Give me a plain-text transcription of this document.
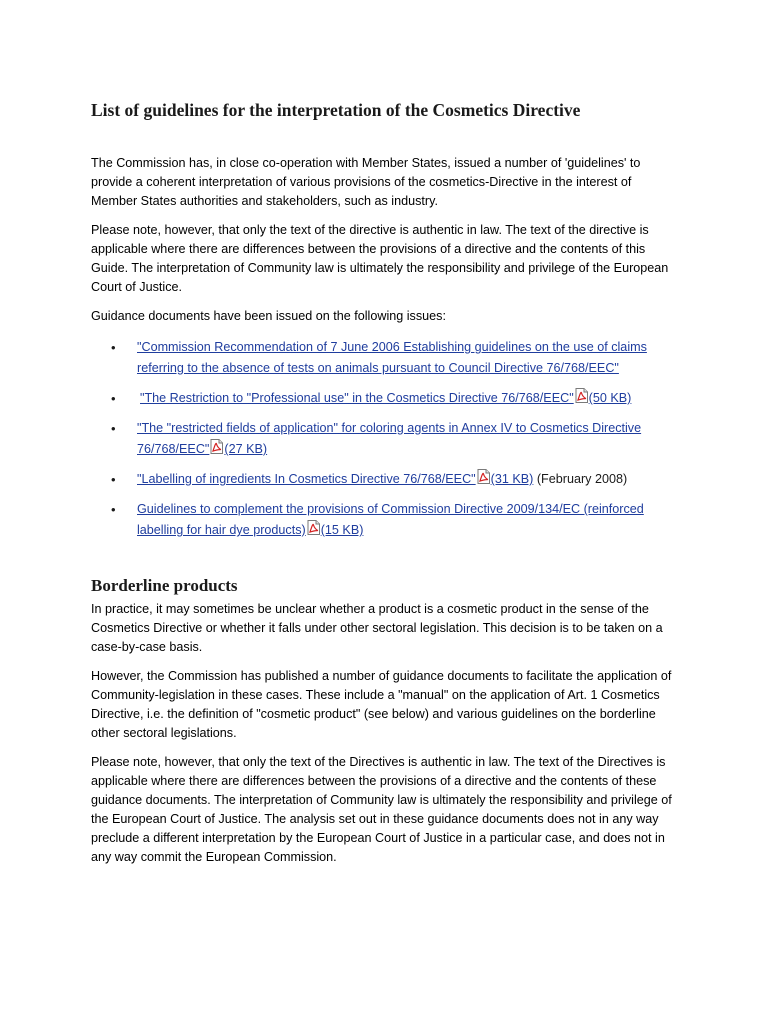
List of guidelines for the interpretation of the Cosmetics Directive

The Commission has, in close co-operation with Member States, issued a number of 'guidelines' to provide a coherent interpretation of various provisions of the cosmetics-Directive in the interest of Member States authorities and stakeholders, such as industry.

Please note, however, that only the text of the directive is authentic in law. The text of the directive is applicable where there are differences between the provisions of a directive and the contents of this Guide. The interpretation of Community law is ultimately the responsibility and privilege of the European Court of Justice.

Guidance documents have been issued on the following issues:

• "Commission Recommendation of 7 June 2006 Establishing guidelines on the use of claims referring to the absence of tests on animals pursuant to Council Directive 76/768/EEC"
• "The Restriction to "Professional use" in the Cosmetics Directive 76/768/EEC" (50 KB)
• "The "restricted fields of application" for coloring agents in Annex IV to Cosmetics Directive 76/768/EEC" (27 KB)
• "Labelling of ingredients In Cosmetics Directive 76/768/EEC" (31 KB) (February 2008)
• Guidelines to complement the provisions of Commission Directive 2009/134/EC (reinforced labelling for hair dye products) (15 KB)
Borderline products

In practice, it may sometimes be unclear whether a product is a cosmetic product in the sense of the Cosmetics Directive or whether it falls under other sectoral legislation. This decision is to be taken on a case-by-case basis.

However, the Commission has published a number of guidance documents to facilitate the application of Community-legislation in these cases. These include a "manual" on the application of Art. 1 Cosmetics Directive, i.e. the definition of "cosmetic product" (see below) and various guidelines on the borderline other sectoral legislations.

Please note, however, that only the text of the Directives is authentic in law. The text of the Directives is applicable where there are differences between the provisions of a directive and the contents of these guidance documents. The interpretation of Community law is ultimately the responsibility and privilege of the European Court of Justice. The analysis set out in these guidance documents does not in any way preclude a different interpretation by the European Court of Justice in a particular case, and does not in any way commit the European Commission.
